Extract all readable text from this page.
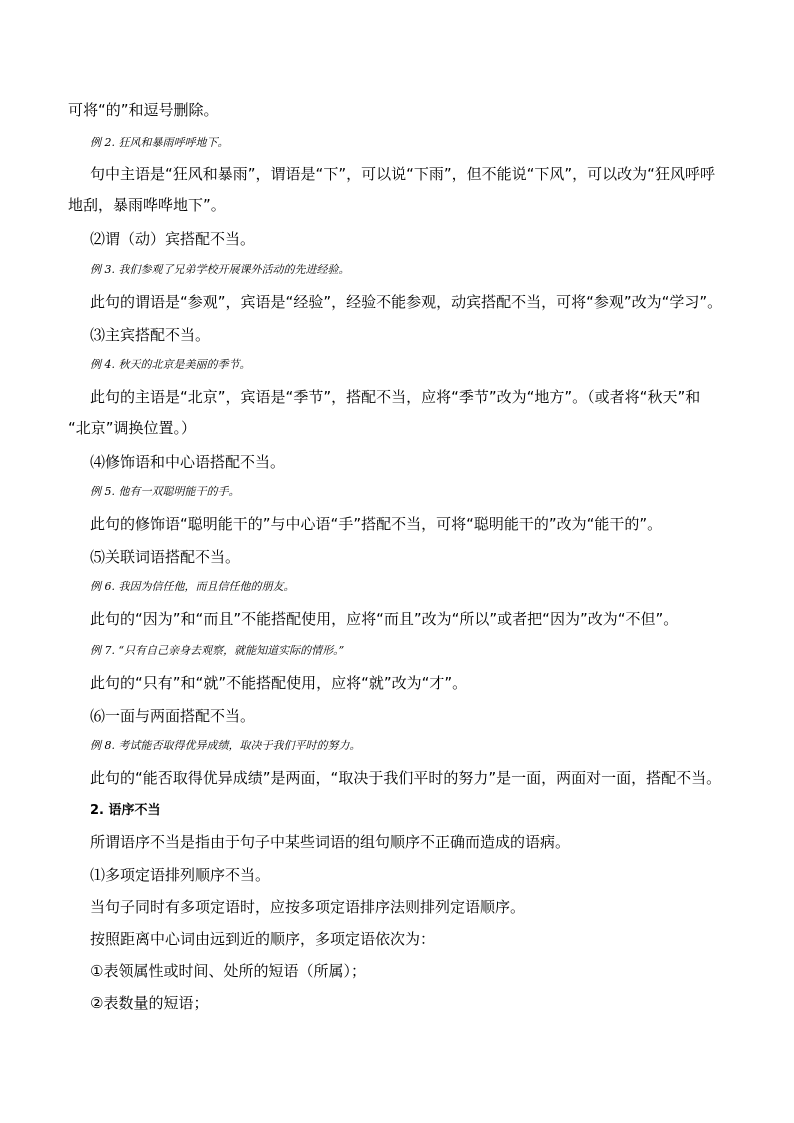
可将“的”和逗号删除。
例 2. 狂风和暴雨呼呼地下。
句中主语是“狂风和暴雨”，谓语是“下”，可以说“下雨”，但不能说“下风”，可以改为“狂风呼呼
地刮，暴雨哗哗地下”。
⑵谓（动）宾搭配不当。
例 3. 我们参观了兄弟学校开展课外活动的先进经验。
此句的谓语是“参观”，宾语是“经验”，经验不能参观，动宾搭配不当，可将“参观”改为“学习”。
⑶主宾搭配不当。
例 4. 秋天的北京是美丽的季节。
此句的主语是“北京”，宾语是“季节”，搭配不当，应将“季节”改为“地方”。（或者将“秋天”和
“北京”调换位置。）
⑷修饰语和中心语搭配不当。
例 5. 他有一双聪明能干的手。
此句的修饰语“聪明能干的”与中心语“手”搭配不当，可将“聪明能干的”改为“能干的”。
⑸关联词语搭配不当。
例 6. 我因为信任他，而且信任他的朋友。
此句的“因为”和“而且”不能搭配使用，应将“而且”改为“所以”或者把“因为”改为“不但”。
例 7. “只有自己亲身去观察，就能知道实际的情形。”
此句的“只有”和“就”不能搭配使用，应将“就”改为“才”。
⑹一面与两面搭配不当。
例 8. 考试能否取得优异成绩，取决于我们平时的努力。
此句的“能否取得优异成绩”是两面，“取决于我们平时的努力”是一面，两面对一面，搭配不当。
2. 语序不当
所谓语序不当是指由于句子中某些词语的组句顺序不正确而造成的语病。
⑴多项定语排列顺序不当。
当句子同时有多项定语时，应按多项定语排序法则排列定语顺序。
按照距离中心词由远到近的顺序，多项定语依次为：
①表领属性或时间、处所的短语（所属）；
②表数量的短语；
